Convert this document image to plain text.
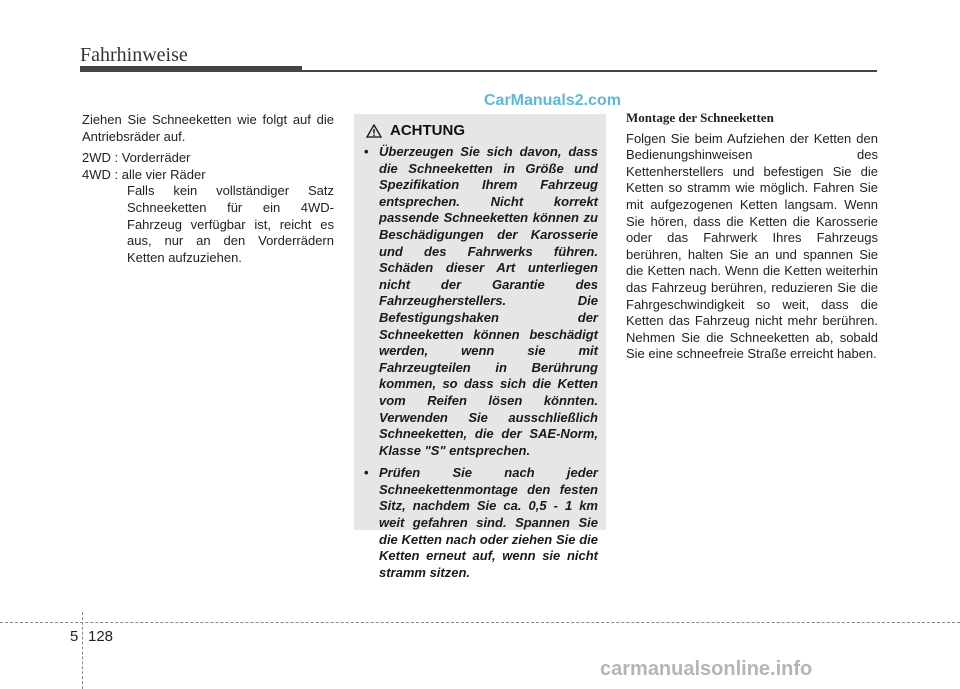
Fahrhinweise
CarManuals2.com

Ziehen Sie Schneeketten wie folgt auf die Antriebsräder auf.

2WD : Vorderräder

4WD : alle vier Räder

Falls kein vollständiger Satz Schneeketten für ein 4WD-Fahrzeug verfügbar ist, reicht es aus, nur an den Vorderrädern Ketten aufzuziehen.

ACHTUNG
• Überzeugen Sie sich davon, dass die Schneeketten in Größe und Spezifikation Ihrem Fahrzeug entsprechen. Nicht korrekt passende Schneeketten können zu Beschädigungen der Karosserie und des Fahrwerks führen. Schäden dieser Art unterliegen nicht der Garantie des Fahrzeugherstellers. Die Befestigungshaken der Schneeketten können beschädigt werden, wenn sie mit Fahrzeugteilen in Berührung kommen, so dass sich die Ketten vom Reifen lösen könnten. Verwenden Sie ausschließlich Schneeketten, die der SAE-Norm, Klasse "S" entsprechen.
• Prüfen Sie nach jeder Schneekettenmontage den festen Sitz, nachdem Sie ca. 0,5 - 1 km weit gefahren sind. Spannen Sie die Ketten nach oder ziehen Sie die Ketten erneut auf, wenn sie nicht stramm sitzen.
Montage der Schneeketten

Folgen Sie beim Aufziehen der Ketten den Bedienungshinweisen des Kettenherstellers und befestigen Sie die Ketten so stramm wie möglich. Fahren Sie mit aufgezogenen Ketten langsam. Wenn Sie hören, dass die Ketten die Karosserie oder das Fahrwerk Ihres Fahrzeugs berühren, halten Sie an und spannen Sie die Ketten nach. Wenn die Ketten weiterhin das Fahrzeug berühren, reduzieren Sie die Fahrgeschwindigkeit so weit, dass die Ketten das Fahrzeug nicht mehr berühren. Nehmen Sie die Schneeketten ab, sobald Sie eine schneefreie Straße erreicht haben.

5 128
carmanualsonline.info
